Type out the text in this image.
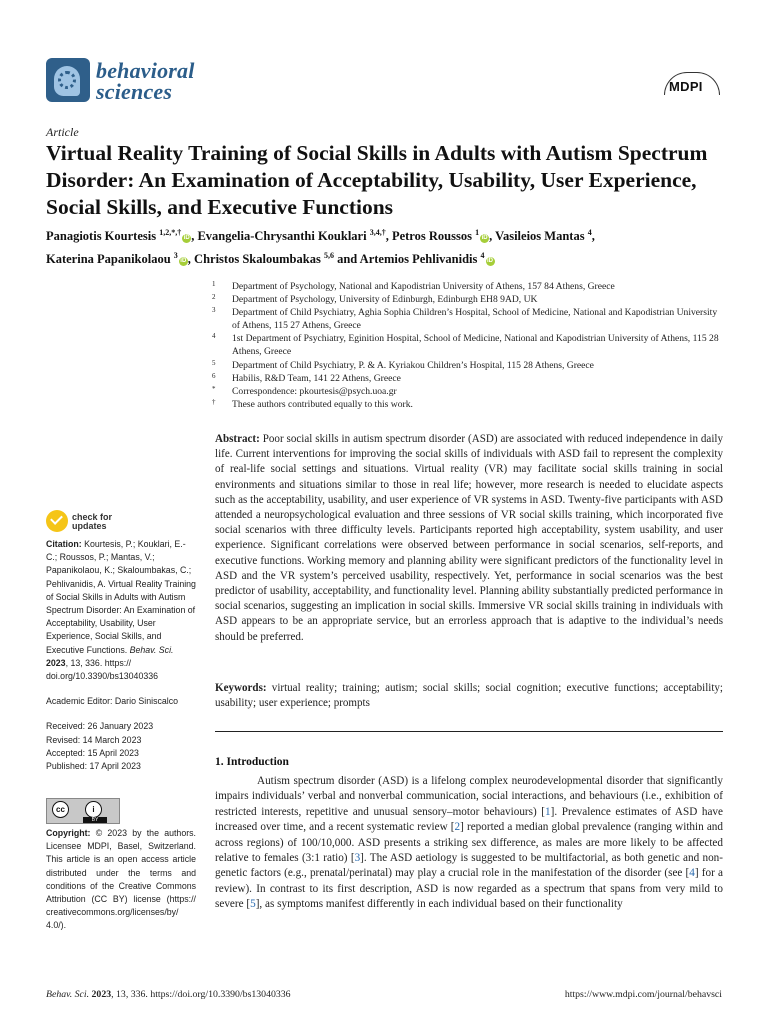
behavioral
sciences	MDPI
Article
Virtual Reality Training of Social Skills in Adults with Autism Spectrum Disorder: An Examination of Acceptability, Usability, User Experience, Social Skills, and Executive Functions
Panagiotis Kourtesis $^{1,2,*,\dagger}$iD , Evangelia-Chrysanthi Kouklari $^{3,4,\dagger}$, Petros Roussos $^1$iD , Vasileios Mantas $^4$,
Katerina Papanikolaou $^3$iD , Christos Skaloumbakas $^{5,6}$ and Artemios Pehlivanidis $^4$iD
1 Department of Psychology, National and Kapodistrian University of Athens, 157 84 Athens, Greece
2 Department of Psychology, University of Edinburgh, Edinburgh EH8 9AD, UK
3 Department of Child Psychiatry, Aghia Sophia Children’s Hospital, School of Medicine, National and Kapodistrian University of Athens, 115 27 Athens, Greece
4 1st Department of Psychiatry, Eginition Hospital, School of Medicine, National and Kapodistrian University of Athens, 115 28 Athens, Greece
5 Department of Child Psychiatry, P. & A. Kyriakou Children’s Hospital, 115 28 Athens, Greece
6 Habilis, R&D Team, 141 22 Athens, Greece
* Correspondence: pkourtesis@psych.uoa.gr
† These authors contributed equally to this work.
Abstract: Poor social skills in autism spectrum disorder (ASD) are associated with reduced independence in daily life. Current interventions for improving the social skills of individuals with ASD fail to represent the complexity of real-life social settings and situations. Virtual reality (VR) may facilitate social skills training in social environments and situations similar to those in real life; however, more research is needed to elucidate aspects such as the acceptability, usability, and user experience of VR systems in ASD. Twenty-five participants with ASD attended a neuropsychological evaluation and three sessions of VR social skills training, which incorporated five social scenarios with three difficulty levels. Participants reported high acceptability, system usability, and user experience. Significant correlations were observed between performance in social scenarios, self-reports, and executive functions. Working memory and planning ability were significant predictors of the functionality level in ASD and the VR system’s perceived usability, respectively. Yet, performance in social scenarios was the best predictor of usability, acceptability, and functionality level. Planning ability substantially predicted performance in social scenarios, suggesting an implication in social skills. Immersive VR social skills training in individuals with ASD appears to be an appropriate service, but an errorless approach that is adaptive to the individual’s needs should be preferred.
Keywords: virtual reality; training; autism; social skills; social cognition; executive functions; acceptability; usability; user experience; prompts
1. Introduction
Autism spectrum disorder (ASD) is a lifelong complex neurodevelopmental disorder that significantly impairs individuals’ verbal and nonverbal communication, social interactions, and behaviours (i.e., exhibition of restricted interests, repetitive and unusual sensory–motor behaviours) [1]. Prevalence estimates of ASD have increased over time, and a recent systematic review [2] reported a median global prevalence (ranging within and across regions) of 100/10,000. ASD presents a striking sex difference, as males are more likely to be affected relative to females (3:1 ratio) [3]. The ASD aetiology is suggested to be multifactorial, as both genetic and non-genetic factors (e.g., prenatal/perinatal) may play a crucial role in the manifestation of the disorder (see [4] for a review). In contrast to its first description, ASD is now regarded as a spectrum that spans from very mild to severe [5], as symptoms manifest differently in each individual based on their functionality
check for
updates

Citation: Kourtesis, P.; Kouklari, E.-C.; Roussos, P.; Mantas, V.; Papanikolaou, K.; Skaloumbakas, C.; Pehlivanidis, A. Virtual Reality Training of Social Skills in Adults with Autism Spectrum Disorder: An Examination of Acceptability, Usability, User Experience, Social Skills, and Executive Functions. Behav. Sci. 2023, 13, 336. https:// doi.org/10.3390/bs13040336

Academic Editor: Dario Siniscalco

Received: 26 January 2023

Revised: 14 March 2023

Accepted: 15 April 2023

Published: 17 April 2023

cc	i
BY
Copyright: © 2023 by the authors. Licensee MDPI, Basel, Switzerland. This article is an open access article distributed under the terms and conditions of the Creative Commons Attribution (CC BY) license (https:// creativecommons.org/licenses/by/ 4.0/).
Behav. Sci. 2023, 13, 336. https://doi.org/10.3390/bs13040336	https://www.mdpi.com/journal/behavsci
